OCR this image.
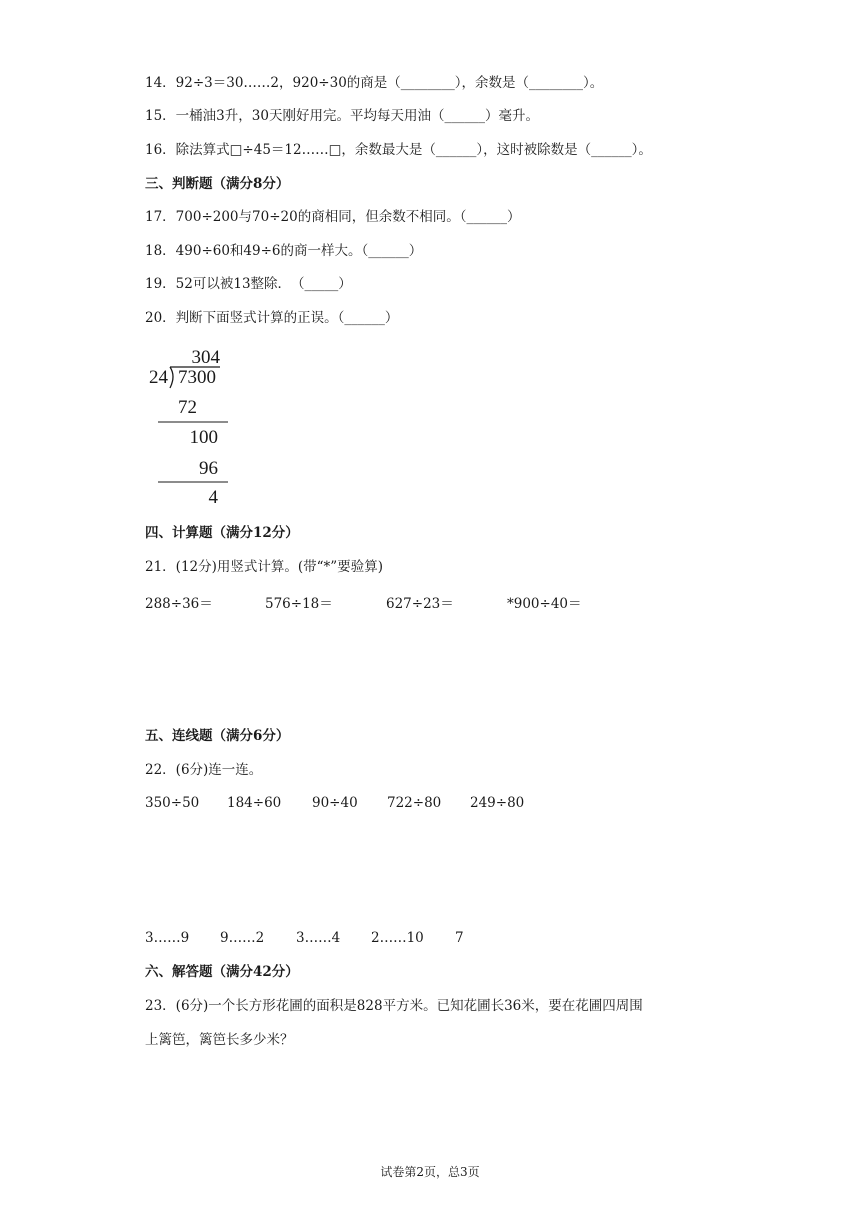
14．92÷3＝30……2，920÷30的商是（________），余数是（________）。
15．一桶油3升，30天刚好用完。平均每天用油（______）毫升。
16．除法算式□÷45＝12……□，余数最大是（______），这时被除数是（______）。
三、判断题（满分8分）
17．700÷200与70÷20的商相同，但余数不相同。（______）
18．490÷60和49÷6的商一样大。（______）
19．52可以被13整除．　（_____）
20．判断下面竖式计算的正误。（______）
304
24 7300
72
100
96
4
四、计算题（满分12分）
21．(12分)用竖式计算。(带“*”要验算)
288÷36＝	576÷18＝	627÷23＝	*900÷40＝
五、连线题（满分6分）
22．(6分)连一连。
350÷50 184÷60 90÷40 722÷80 249÷80
3……9 9……2 3……4 2……10 7
六、解答题（满分42分）
23．(6分)一个长方形花圃的面积是828平方米。已知花圃长36米，要在花圃四周围
上篱笆，篱笆长多少米？
试卷第2页，总3页
